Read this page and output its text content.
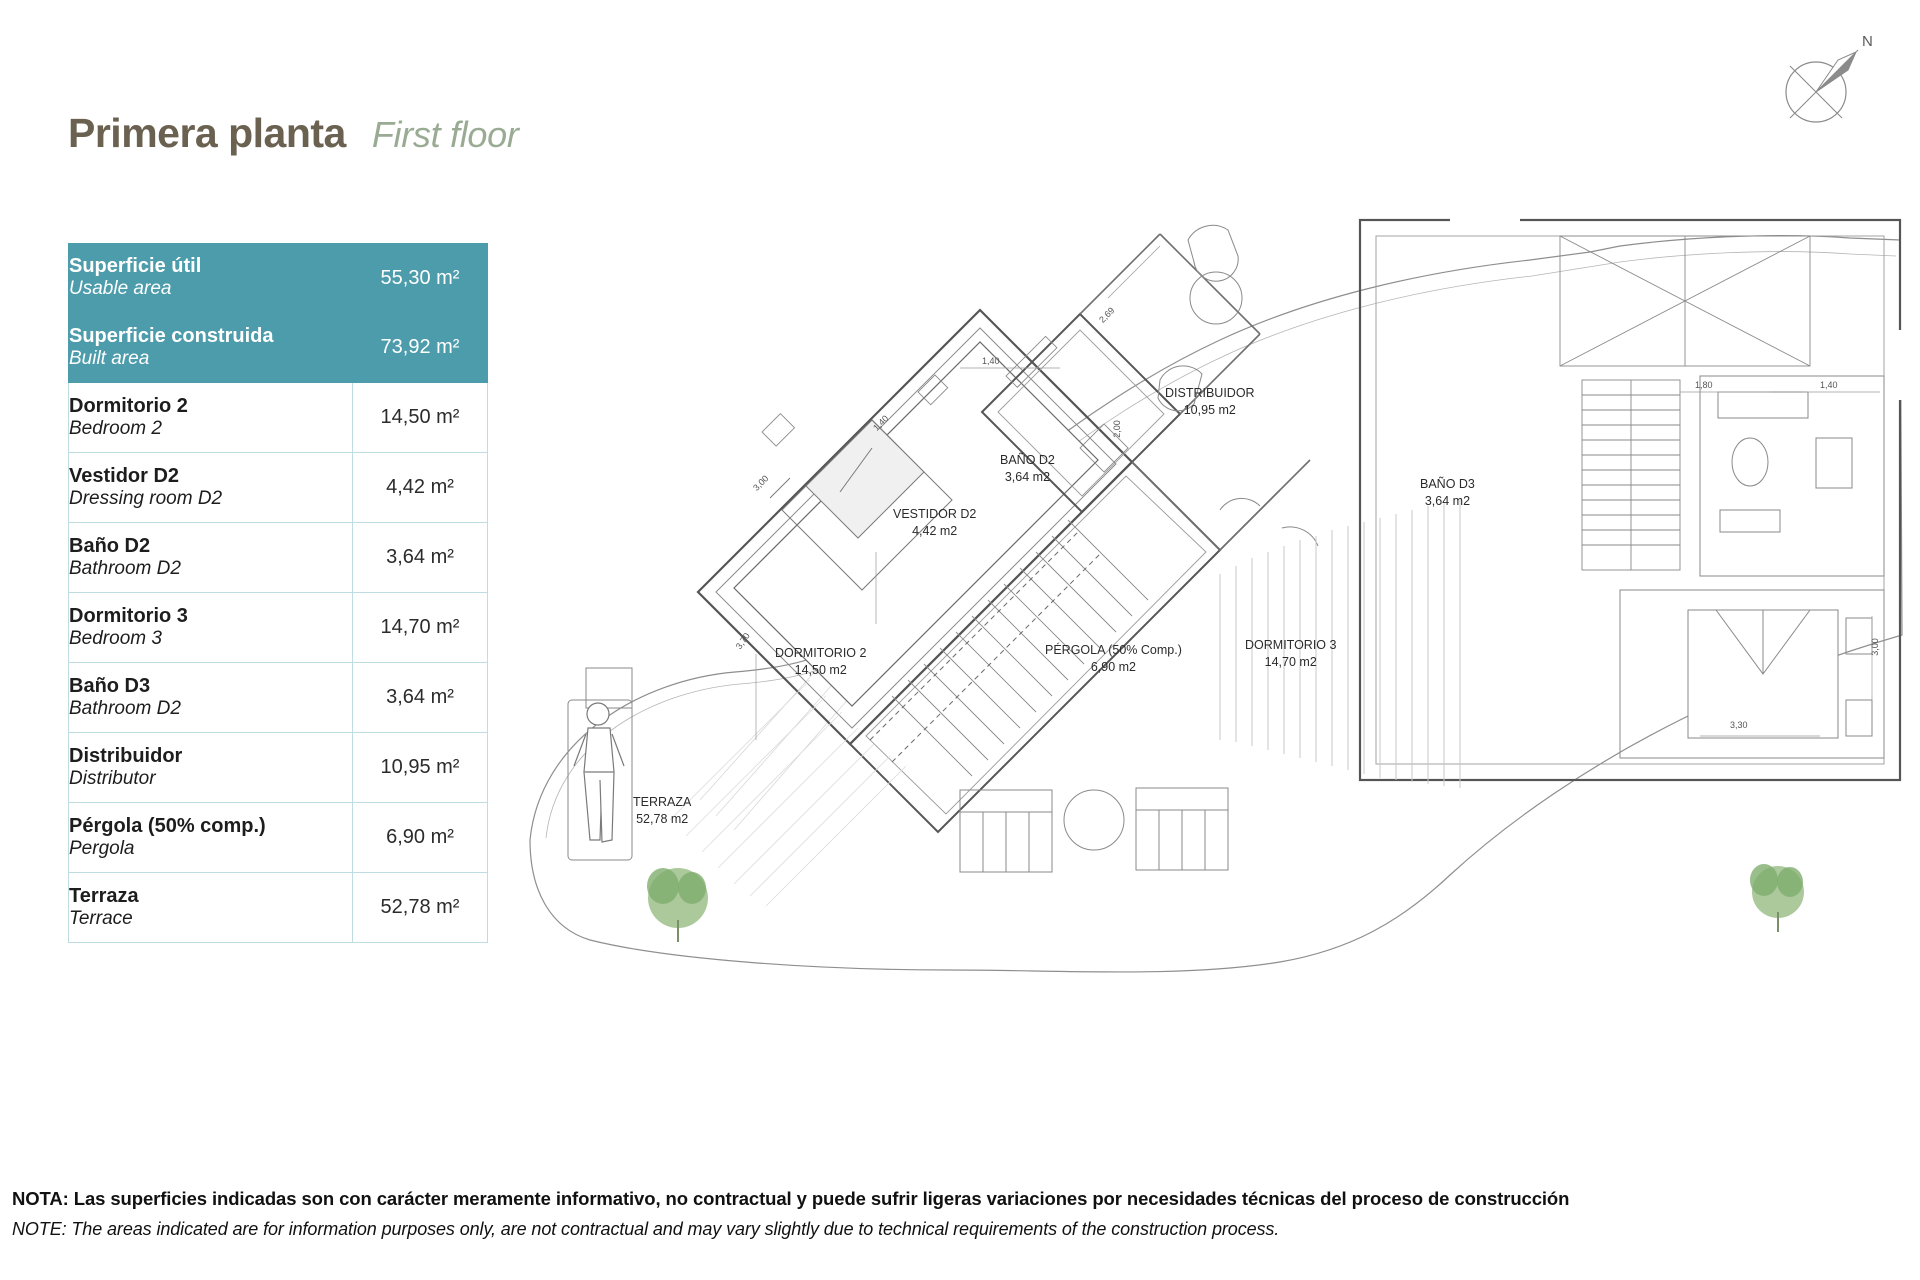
Primera planta First floor
N
Superficie útil
Usable area	55,30 m²

Superficie construida
Built area	73,92 m²

Dormitorio 2
Bedroom 2	14,50 m²

Vestidor D2
Dressing room D2	4,42 m²

Baño D2
Bathroom D2	3,64 m²

Dormitorio 3
Bedroom 3	14,70 m²

Baño D3
Bathroom D2	3,64 m²

Distribuidor
Distributor	10,95 m²

Pérgola (50% comp.)
Pergola	6,90 m²

Terraza
Terrace	52,78 m²
DORMITORIO 2
14,50 m2
VESTIDOR D2
4,42 m2
BAÑO D2
3,64 m2
DISTRIBUIDOR
10,95 m2
BAÑO D3
3,64 m2
DORMITORIO 3
14,70 m2
PÉRGOLA (50% Comp.)
6,90 m2
TERRAZA
52,78 m2
1,40
1,80	1,40
3,00
3,30
3,70	3,00
2,69
2,00
1,40
NOTA: Las superficies indicadas son con carácter meramente informativo, no contractual y puede sufrir ligeras variaciones por necesidades técnicas del proceso de construcción
NOTE: The areas indicated are for information purposes only, are not contractual and may vary slightly due to technical requirements of the construction process.
